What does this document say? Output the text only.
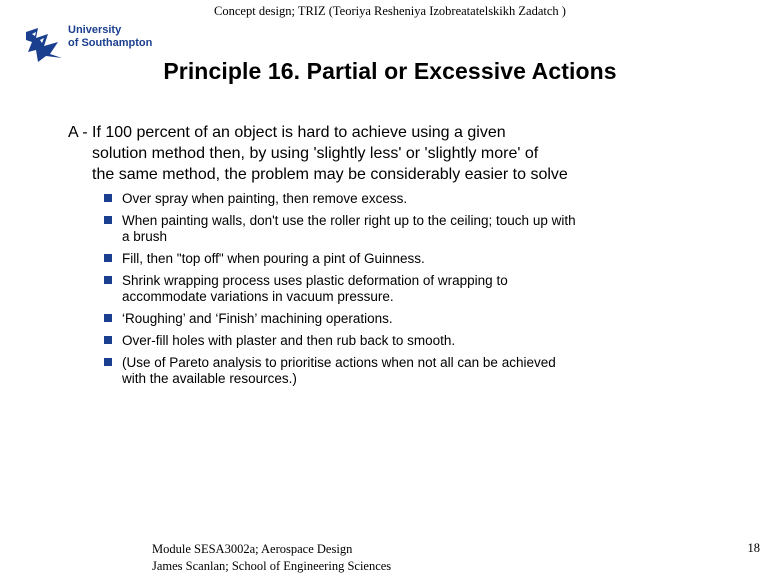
Concept design; TRIZ (Teoriya Resheniya Izobreatatelskikh Zadatch )
University
of Southampton
Principle 16. Partial or Excessive Actions
A - If 100 percent of an object is hard to achieve using a given
solution method then, by using 'slightly less' or 'slightly more' of
the same method, the problem may be considerably easier to solve
Over spray when painting, then remove excess.
When painting walls, don't use the roller right up to the ceiling; touch up with
a brush
Fill, then "top off" when pouring a pint of Guinness.
Shrink wrapping process uses plastic deformation of wrapping to
accommodate variations in vacuum pressure.
‘Roughing’ and ‘Finish’ machining operations.
Over-fill holes with plaster and then rub back to smooth.
(Use of Pareto analysis to prioritise actions when not all can be achieved
with the available resources.)
Module SESA3002a; Aerospace Design
James Scanlan; School of Engineering Sciences
18
